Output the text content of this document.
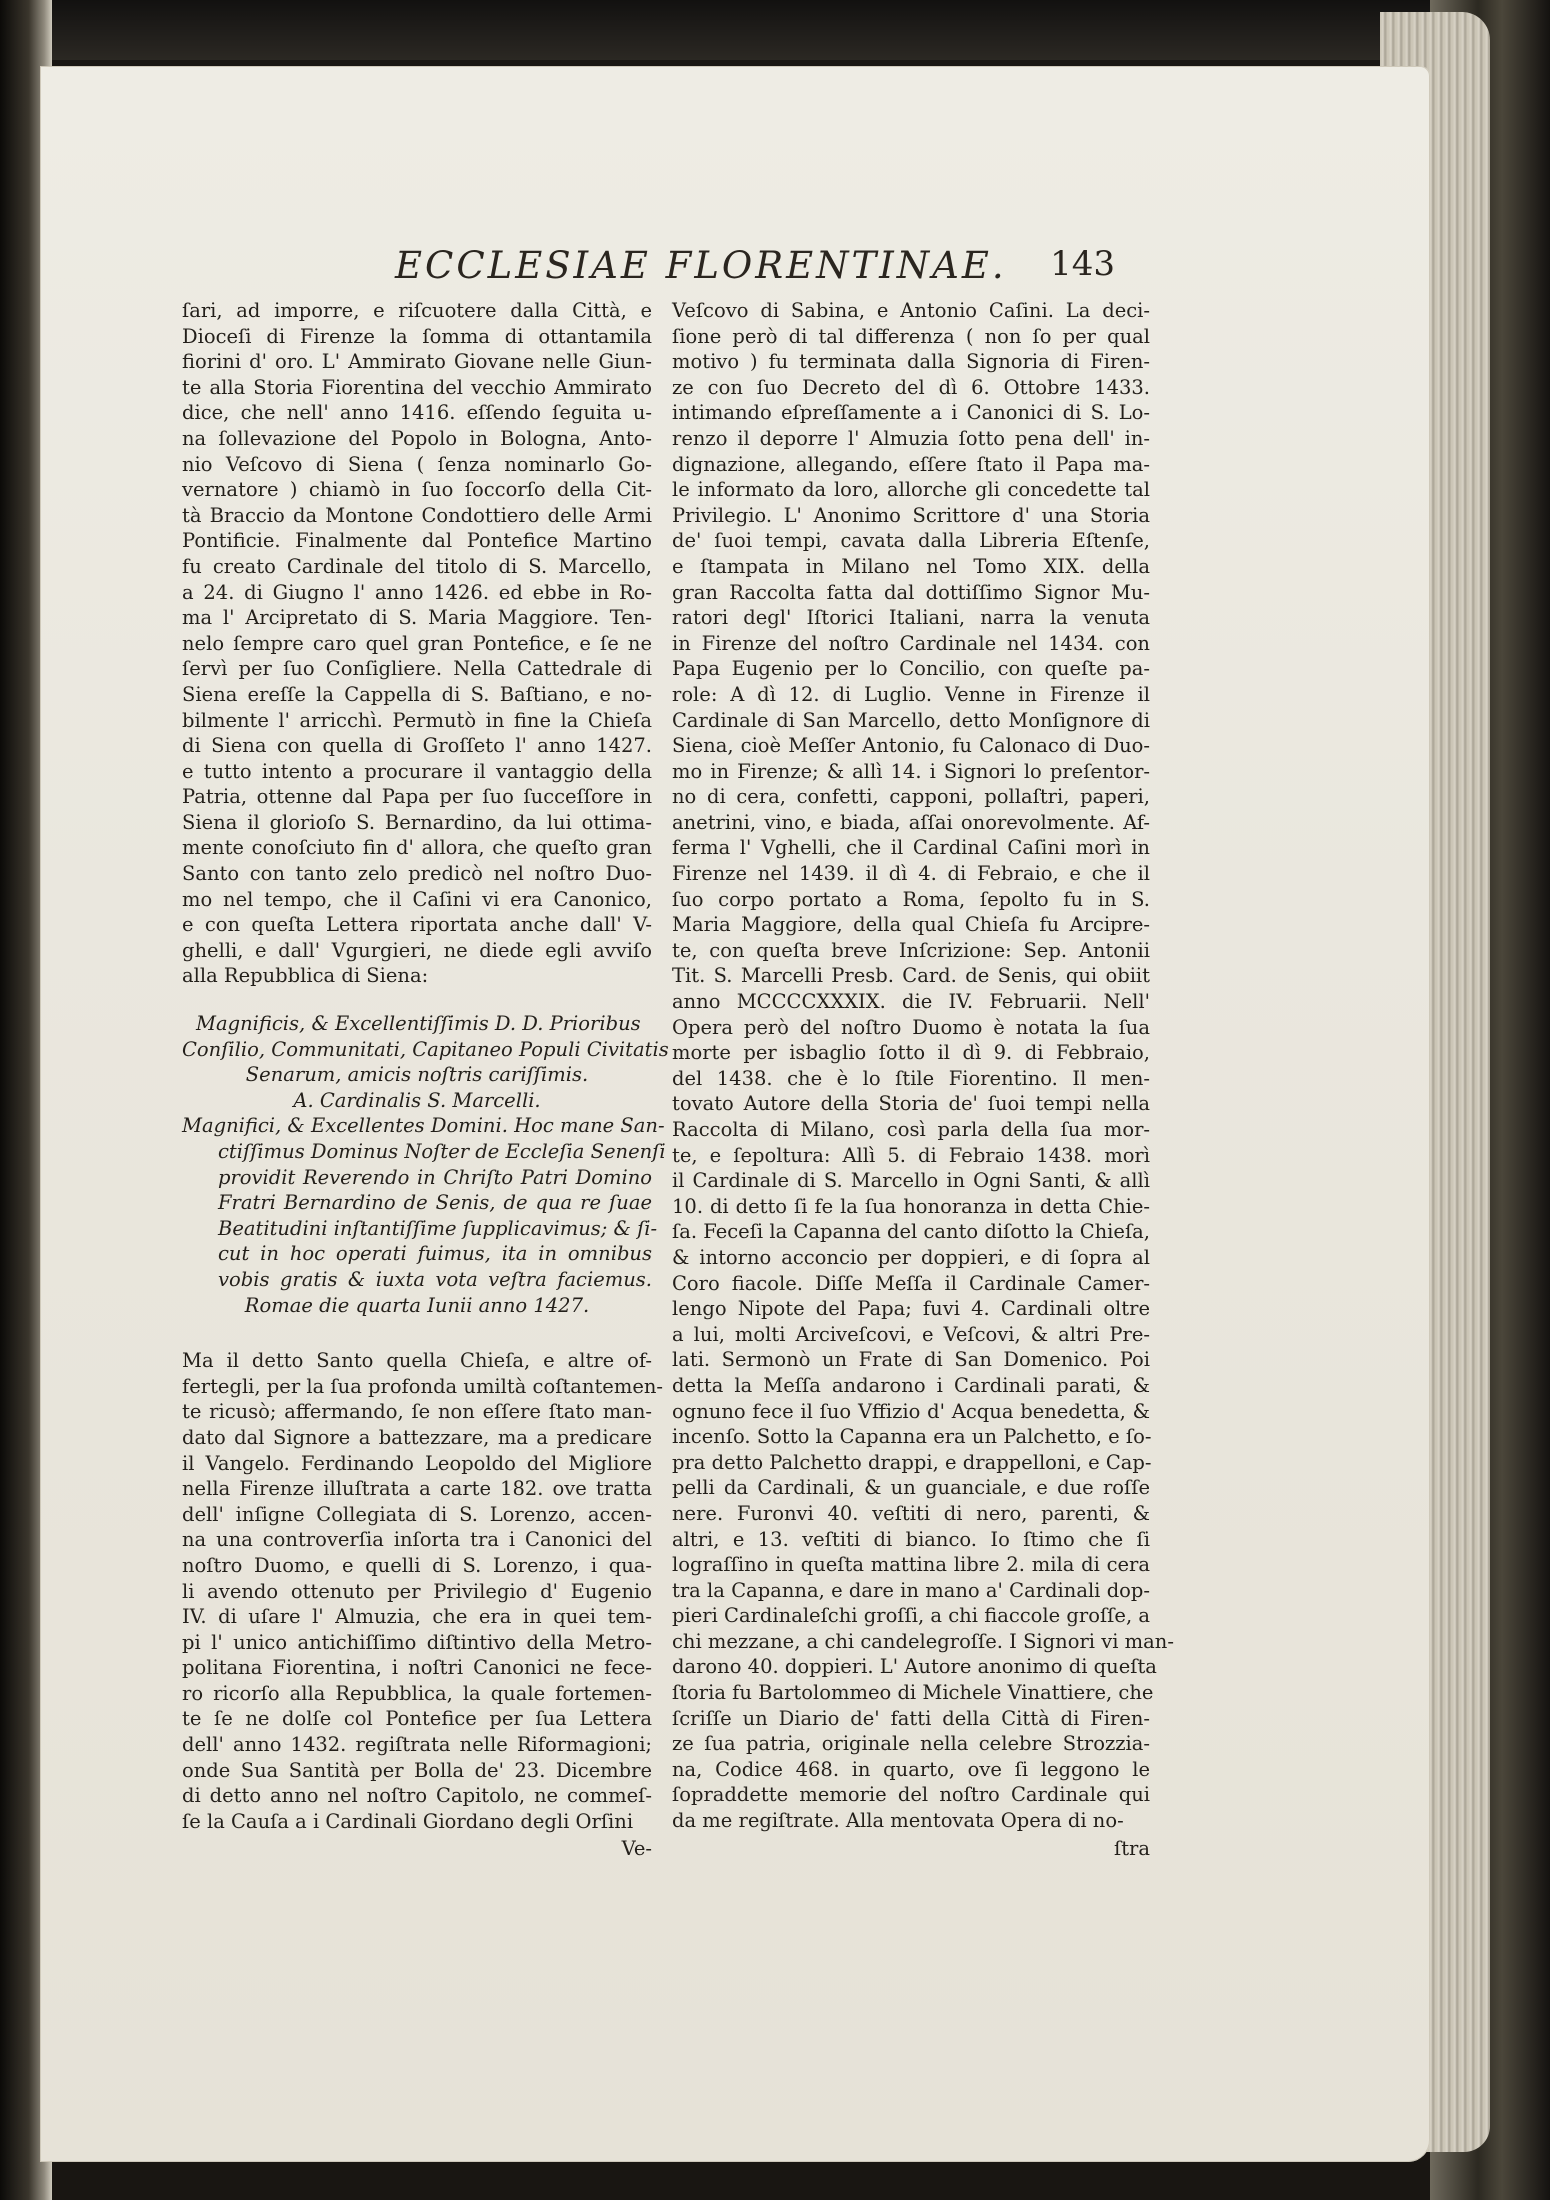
ECCLESIAE FLORENTINAE. 143
ſari, ad imporre, e riſcuotere dalla Città, e
Dioceſi di Firenze la ſomma di ottantamila
fiorini d' oro. L' Ammirato Giovane nelle Giun-
te alla Storia Fiorentina del vecchio Ammirato
dice, che nell' anno 1416. eſſendo ſeguita u-
na ſollevazione del Popolo in Bologna, Anto-
nio Veſcovo di Siena ( ſenza nominarlo Go-
vernatore ) chiamò in ſuo ſoccorſo della Cit-
tà Braccio da Montone Condottiero delle Armi
Pontificie. Finalmente dal Pontefice Martino
fu creato Cardinale del titolo di S. Marcello,
a 24. di Giugno l' anno 1426. ed ebbe in Ro-
ma l' Arcipretato di S. Maria Maggiore. Ten-
nelo ſempre caro quel gran Pontefice, e ſe ne
ſervì per ſuo Conſigliere. Nella Cattedrale di
Siena ereſſe la Cappella di S. Baſtiano, e no-
bilmente l' arricchì. Permutò in fine la Chieſa
di Siena con quella di Groſſeto l' anno 1427.
e tutto intento a procurare il vantaggio della
Patria, ottenne dal Papa per ſuo ſucceſſore in
Siena il glorioſo S. Bernardino, da lui ottima-
mente conoſciuto fin d' allora, che queſto gran
Santo con tanto zelo predicò nel noſtro Duo-
mo nel tempo, che il Caſini vi era Canonico,
e con queſta Lettera riportata anche dall' V-
ghelli, e dall' Vgurgieri, ne diede egli avviſo
alla Repubblica di Siena:
Magnificis, & Excellentiſſimis D. D. Prioribus
Conſilio, Communitati, Capitaneo Populi Civitatis
Senarum, amicis noſtris cariſſimis.
A. Cardinalis S. Marcelli.
Magnifici, & Excellentes Domini. Hoc mane San-
ctiſſimus Dominus Noſter de Eccleſia Senenſi
providit Reverendo in Chriſto Patri Domino
Fratri Bernardino de Senis, de qua re ſuae
Beatitudini inſtantiſſime ſupplicavimus; & ſi-
cut in hoc operati fuimus, ita in omnibus
vobis gratis & iuxta vota veſtra faciemus.
Romae die quarta Iunii anno 1427.
Ma il detto Santo quella Chieſa, e altre of-
fertegli, per la ſua profonda umiltà coſtantemen-
te ricusò; affermando, ſe non eſſere ſtato man-
dato dal Signore a battezzare, ma a predicare
il Vangelo. Ferdinando Leopoldo del Migliore
nella Firenze illuſtrata a carte 182. ove tratta
dell' inſigne Collegiata di S. Lorenzo, accen-
na una controverſia inſorta tra i Canonici del
noſtro Duomo, e quelli di S. Lorenzo, i qua-
li avendo ottenuto per Privilegio d' Eugenio
IV. di uſare l' Almuzia, che era in quei tem-
pi l' unico antichiſſimo diſtintivo della Metro-
politana Fiorentina, i noſtri Canonici ne fece-
ro ricorſo alla Repubblica, la quale fortemen-
te ſe ne dolſe col Pontefice per ſua Lettera
dell' anno 1432. regiſtrata nelle Riformagioni;
onde Sua Santità per Bolla de' 23. Dicembre
di detto anno nel noſtro Capitolo, ne commeſ-
ſe la Cauſa a i Cardinali Giordano degli Orſini
Ve-
Veſcovo di Sabina, e Antonio Caſini. La deci-
ſione però di tal differenza ( non ſo per qual
motivo ) fu terminata dalla Signoria di Firen-
ze con ſuo Decreto del dì 6. Ottobre 1433.
intimando eſpreſſamente a i Canonici di S. Lo-
renzo il deporre l' Almuzia ſotto pena dell' in-
dignazione, allegando, eſſere ſtato il Papa ma-
le informato da loro, allorche gli concedette tal
Privilegio. L' Anonimo Scrittore d' una Storia
de' ſuoi tempi, cavata dalla Libreria Eſtenſe,
e ſtampata in Milano nel Tomo XIX. della
gran Raccolta fatta dal dottiſſimo Signor Mu-
ratori degl' Iſtorici Italiani, narra la venuta
in Firenze del noſtro Cardinale nel 1434. con
Papa Eugenio per lo Concilio, con queſte pa-
role: A dì 12. di Luglio. Venne in Firenze il
Cardinale di San Marcello, detto Monſignore di
Siena, cioè Meſſer Antonio, fu Calonaco di Duo-
mo in Firenze; & allì 14. i Signori lo preſentor-
no di cera, confetti, capponi, pollaſtri, paperi,
anetrini, vino, e biada, aſſai onorevolmente. Af-
ferma l' Vghelli, che il Cardinal Caſini morì in
Firenze nel 1439. il dì 4. di Febraio, e che il
ſuo corpo portato a Roma, ſepolto fu in S.
Maria Maggiore, della qual Chieſa fu Arcipre-
te, con queſta breve Inſcrizione: Sep. Antonii
Tit. S. Marcelli Presb. Card. de Senis, qui obiit
anno MCCCCXXXIX. die IV. Februarii. Nell'
Opera però del noſtro Duomo è notata la ſua
morte per isbaglio ſotto il dì 9. di Febbraio,
del 1438. che è lo ſtile Fiorentino. Il men-
tovato Autore della Storia de' ſuoi tempi nella
Raccolta di Milano, così parla della ſua mor-
te, e ſepoltura: Allì 5. di Febraio 1438. morì
il Cardinale di S. Marcello in Ogni Santi, & allì
10. di detto ſi fe la ſua honoranza in detta Chie-
ſa. Feceſi la Capanna del canto diſotto la Chieſa,
& intorno acconcio per doppieri, e di ſopra al
Coro fiacole. Diſſe Meſſa il Cardinale Camer-
lengo Nipote del Papa; fuvi 4. Cardinali oltre
a lui, molti Arciveſcovi, e Veſcovi, & altri Pre-
lati. Sermonò un Frate di San Domenico. Poi
detta la Meſſa andarono i Cardinali parati, &
ognuno fece il ſuo Vffizio d' Acqua benedetta, &
incenſo. Sotto la Capanna era un Palchetto, e ſo-
pra detto Palchetto drappi, e drappelloni, e Cap-
pelli da Cardinali, & un guanciale, e due roſſe
nere. Furonvi 40. veſtiti di nero, parenti, &
altri, e 13. veſtiti di bianco. Io ſtimo che ſi
lograſſino in queſta mattina libre 2. mila di cera
tra la Capanna, e dare in mano a' Cardinali dop-
pieri Cardinaleſchi groſſi, a chi fiaccole groſſe, a
chi mezzane, a chi candelegroſſe. I Signori vi man-
darono 40. doppieri. L' Autore anonimo di queſta
ſtoria fu Bartolommeo di Michele Vinattiere, che
ſcriſſe un Diario de' fatti della Città di Firen-
ze ſua patria, originale nella celebre Strozzia-
na, Codice 468. in quarto, ove ſi leggono le
ſopraddette memorie del noſtro Cardinale qui
da me regiſtrate. Alla mentovata Opera di no-
ſtra
